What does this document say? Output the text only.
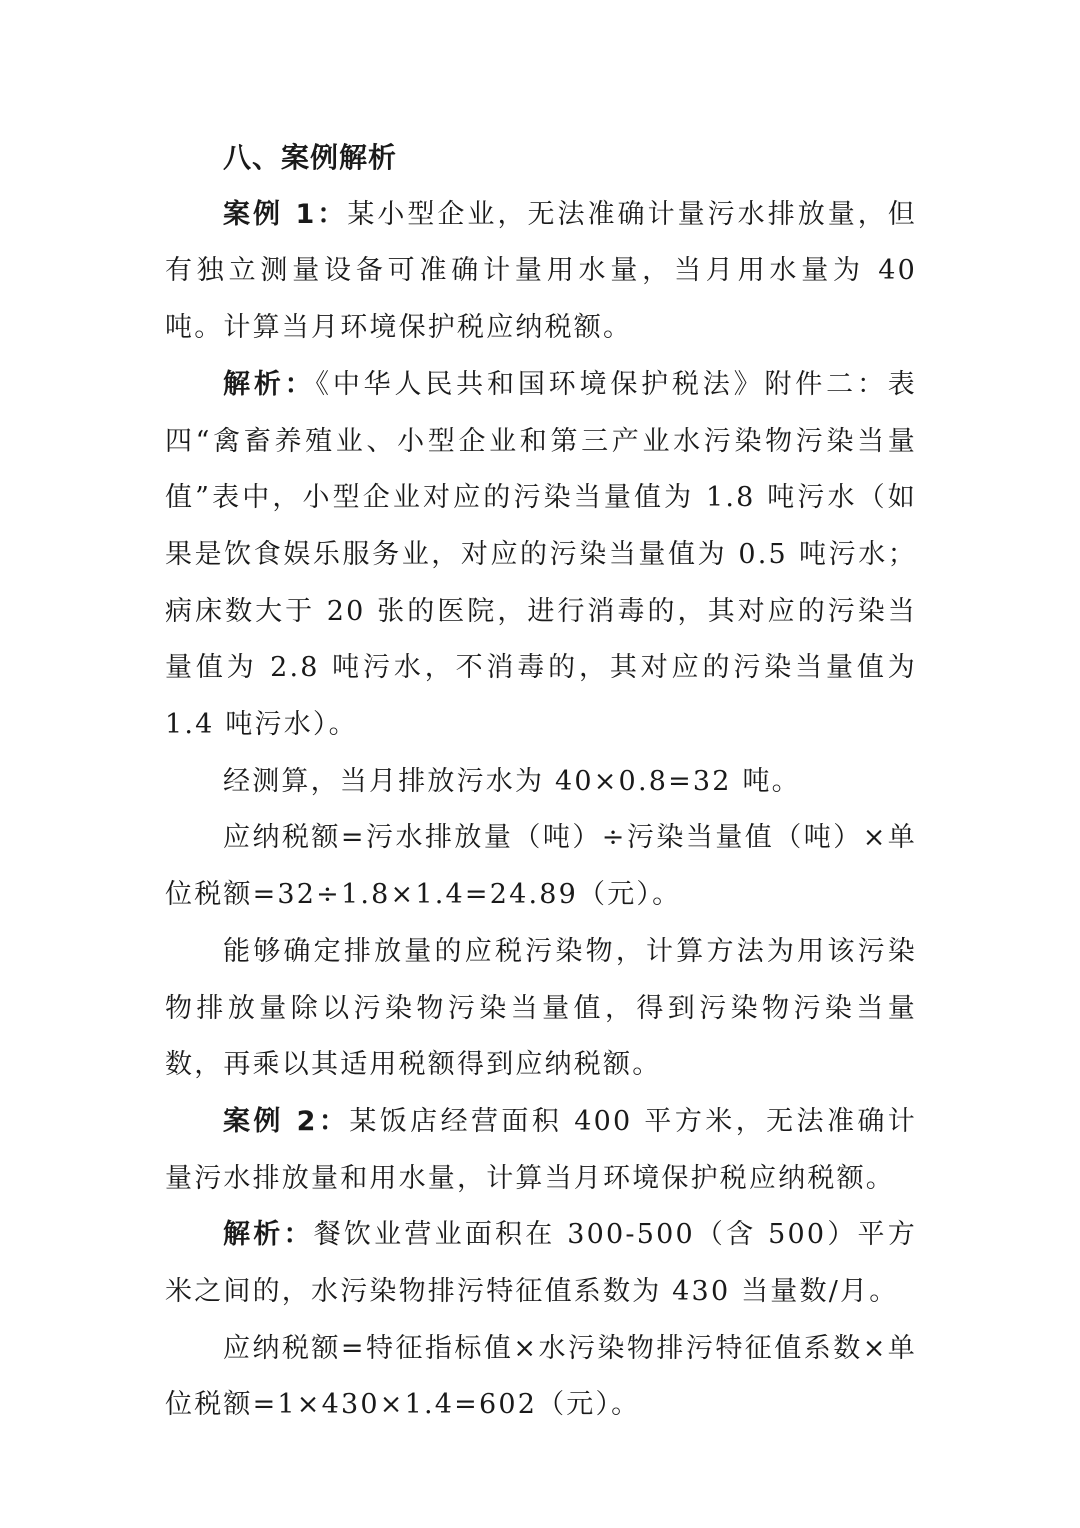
八、案例解析

案例 1：某小型企业，无法准确计量污水排放量，但有独立测量设备可准确计量用水量，当月用水量为 40 吨。计算当月环境保护税应纳税额。

解析：《中华人民共和国环境保护税法》附件二：表四“禽畜养殖业、小型企业和第三产业水污染物污染当量值”表中，小型企业对应的污染当量值为 1.8 吨污水（如果是饮食娱乐服务业，对应的污染当量值为 0.5 吨污水；病床数大于 20 张的医院，进行消毒的，其对应的污染当量值为 2.8 吨污水，不消毒的，其对应的污染当量值为 1.4 吨污水）。

经测算，当月排放污水为 40×0.8=32 吨。

应纳税额=污水排放量（吨）÷污染当量值（吨）×单位税额=32÷1.8×1.4=24.89（元）。

能够确定排放量的应税污染物，计算方法为用该污染物排放量除以污染物污染当量值，得到污染物污染当量数，再乘以其适用税额得到应纳税额。

案例 2：某饭店经营面积 400 平方米，无法准确计量污水排放量和用水量，计算当月环境保护税应纳税额。

解析：餐饮业营业面积在 300-500（含 500）平方米之间的，水污染物排污特征值系数为 430 当量数/月。

应纳税额=特征指标值×水污染物排污特征值系数×单位税额=1×430×1.4=602（元）。
